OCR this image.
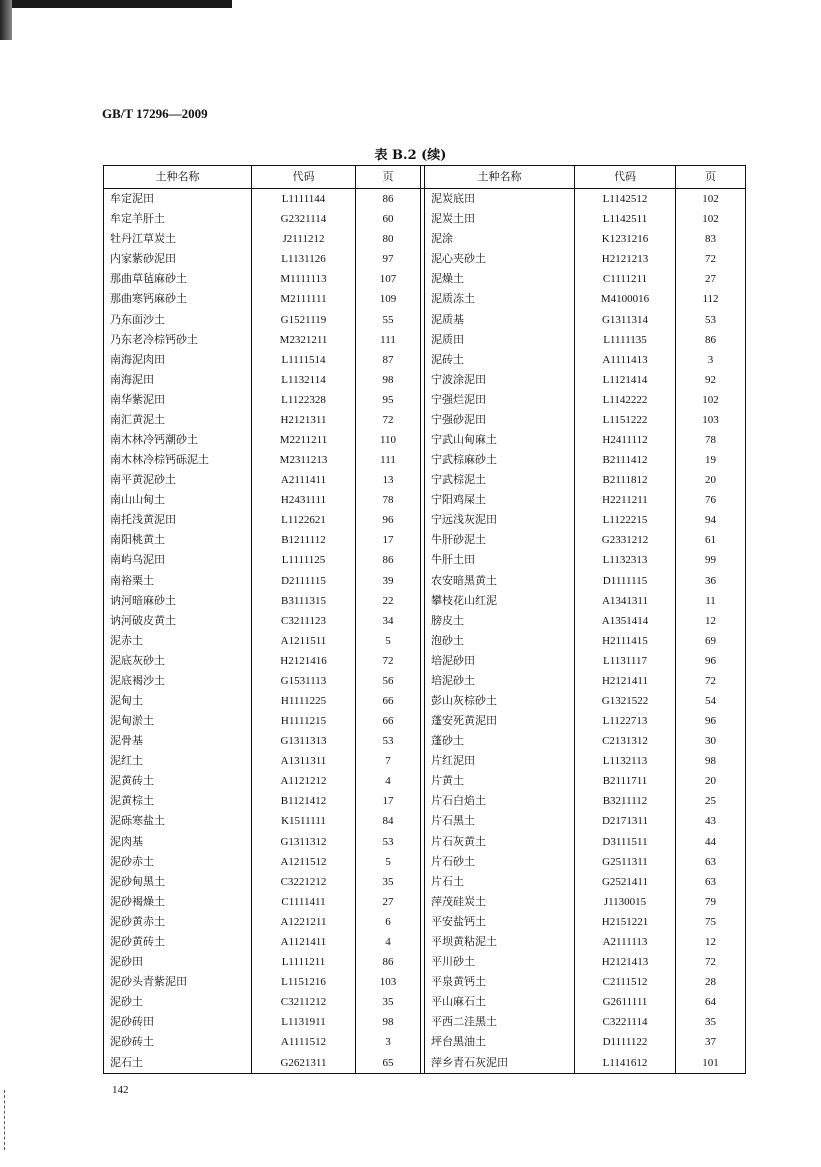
GB/T 17296—2009
表 B.2 (续)
土种名称	代码	页		土种名称	代码	页
牟定泥田	L1111144	86		泥炭底田	L1142512	102
牟定羊肝土	G2321114	60		泥炭土田	L1142511	102
牡丹江草炭土	J2111212	80		泥涂	K1231216	83
内家紫砂泥田	L1131126	97		泥心夹砂土	H2121213	72
那曲草毡麻砂土	M1111113	107		泥燥土	C1111211	27
那曲寒钙麻砂土	M2111111	109		泥质冻土	M4100016	112
乃东面沙土	G1521119	55		泥质基	G1311314	53
乃东老冷棕钙砂土	M2321211	111		泥质田	L1111135	86
南海泥肉田	L1111514	87		泥砖土	A1111413	3
南海泥田	L1132114	98		宁波涂泥田	L1121414	92
南华紫泥田	L1122328	95		宁强烂泥田	L1142222	102
南汇黄泥土	H2121311	72		宁强砂泥田	L1151222	103
南木林冷钙潮砂土	M2211211	110		宁武山甸麻土	H2411112	78
南木林冷棕钙砾泥土	M2311213	111		宁武棕麻砂土	B2111412	19
南平黄泥砂土	A2111411	13		宁武棕泥土	B2111812	20
南山山甸土	H2431111	78		宁阳鸡屎土	H2211211	76
南托浅黄泥田	L1122621	96		宁远浅灰泥田	L1122215	94
南阳桃黄土	B1211112	17		牛肝砂泥土	G2331212	61
南屿乌泥田	L1111125	86		牛肝土田	L1132313	99
南裕栗土	D2111115	39		农安暗黑黄土	D1111115	36
讷河暗麻砂土	B3111315	22		攀枝花山红泥	A1341311	11
讷河破皮黄土	C3211123	34		膀皮土	A1351414	12
泥赤土	A1211511	5		泡砂土	H2111415	69
泥底灰砂土	H2121416	72		培泥砂田	L1131117	96
泥底褐沙土	G1531113	56		培泥砂土	H2121411	72
泥甸土	H1111225	66		彭山灰棕砂土	G1321522	54
泥甸淤土	H1111215	66		蓬安死黄泥田	L1122713	96
泥骨基	G1311313	53		蓬砂土	C2131312	30
泥红土	A1311311	7		片红泥田	L1132113	98
泥黄砖土	A1121212	4		片黄土	B2111711	20
泥黄棕土	B1121412	17		片石白焰土	B3211112	25
泥砾寒盐土	K1511111	84		片石黑土	D2171311	43
泥肉基	G1311312	53		片石灰黄土	D3111511	44
泥砂赤土	A1211512	5		片石砂土	G2511311	63
泥砂甸黑土	C3221212	35		片石土	G2521411	63
泥砂褐燥土	C1111411	27		萍茂硅炭土	J1130015	79
泥砂黄赤土	A1221211	6		平安盐钙土	H2151221	75
泥砂黄砖土	A1121411	4		平坝黄粘泥土	A2111113	12
泥砂田	L1111211	86		平川砂土	H2121413	72
泥砂头青紫泥田	L1151216	103		平泉黄钙土	C2111512	28
泥砂土	C3211212	35		平山麻石土	G2611111	64
泥砂砖田	L1131911	98		平西二洼黑土	C3221114	35
泥砂砖土	A1111512	3		坪台黑油土	D1111122	37
泥石土	G2621311	65		萍乡青石灰泥田	L1141612	101
142
